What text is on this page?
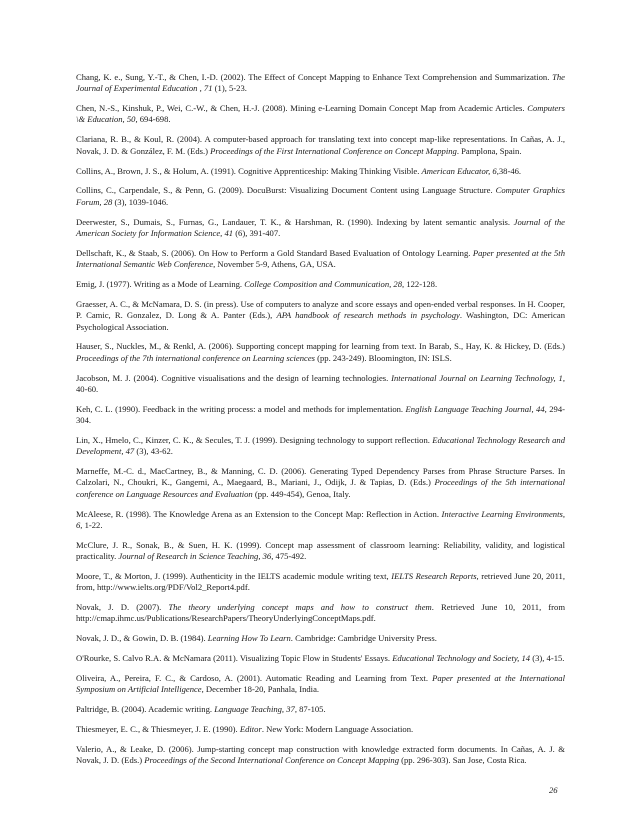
Chang, K. e., Sung, Y.-T., & Chen, I.-D. (2002). The Effect of Concept Mapping to Enhance Text Comprehension and Summarization. The Journal of Experimental Education , 71 (1), 5-23.

Chen, N.-S., Kinshuk, P., Wei, C.-W., & Chen, H.-J. (2008). Mining e-Learning Domain Concept Map from Academic Articles. Computers \& Education, 50, 694-698.

Clariana, R. B., & Koul, R. (2004). A computer-based approach for translating text into concept map-like representations. In Cañas, A. J., Novak, J. D. & González, F. M. (Eds.) Proceedings of the First International Conference on Concept Mapping. Pamplona, Spain.

Collins, A., Brown, J. S., & Holum, A. (1991). Cognitive Apprenticeship: Making Thinking Visible. American Educator, 6,38-46.

Collins, C., Carpendale, S., & Penn, G. (2009). DocuBurst: Visualizing Document Content using Language Structure. Computer Graphics Forum, 28 (3), 1039-1046.

Deerwester, S., Dumais, S., Furnas, G., Landauer, T. K., & Harshman, R. (1990). Indexing by latent semantic analysis. Journal of the American Society for Information Science, 41 (6), 391-407.

Dellschaft, K., & Staab, S. (2006). On How to Perform a Gold Standard Based Evaluation of Ontology Learning. Paper presented at the 5th International Semantic Web Conference, November 5-9, Athens, GA, USA.

Emig, J. (1977). Writing as a Mode of Learning. College Composition and Communication, 28, 122-128.

Graesser, A. C., & McNamara, D. S. (in press). Use of computers to analyze and score essays and open-ended verbal responses. In H. Cooper, P. Camic, R. Gonzalez, D. Long & A. Panter (Eds.), APA handbook of research methods in psychology. Washington, DC: American Psychological Association.

Hauser, S., Nuckles, M., & Renkl, A. (2006). Supporting concept mapping for learning from text. In Barab, S., Hay, K. & Hickey, D. (Eds.) Proceedings of the 7th international conference on Learning sciences (pp. 243-249). Bloomington, IN: ISLS.

Jacobson, M. J. (2004). Cognitive visualisations and the design of learning technologies. International Journal on Learning Technology, 1, 40-60.

Keh, C. L. (1990). Feedback in the writing process: a model and methods for implementation. English Language Teaching Journal, 44, 294-304.

Lin, X., Hmelo, C., Kinzer, C. K., & Secules, T. J. (1999). Designing technology to support reflection. Educational Technology Research and Development, 47 (3), 43-62.

Marneffe, M.-C. d., MacCartney, B., & Manning, C. D. (2006). Generating Typed Dependency Parses from Phrase Structure Parses. In Calzolari, N., Choukri, K., Gangemi, A., Maegaard, B., Mariani, J., Odijk, J. & Tapias, D. (Eds.) Proceedings of the 5th international conference on Language Resources and Evaluation (pp. 449-454), Genoa, Italy.

McAleese, R. (1998). The Knowledge Arena as an Extension to the Concept Map: Reflection in Action. Interactive Learning Environments, 6, 1-22.

McClure, J. R., Sonak, B., & Suen, H. K. (1999). Concept map assessment of classroom learning: Reliability, validity, and logistical practicality. Journal of Research in Science Teaching, 36, 475-492.

Moore, T., & Morton, J. (1999). Authenticity in the IELTS academic module writing text, IELTS Research Reports, retrieved June 20, 2011, from, http://www.ielts.org/PDF/Vol2_Report4.pdf.

Novak, J. D. (2007). The theory underlying concept maps and how to construct them. Retrieved June 10, 2011, from http://cmap.ihmc.us/Publications/ResearchPapers/TheoryUnderlyingConceptMaps.pdf.

Novak, J. D., & Gowin, D. B. (1984). Learning How To Learn. Cambridge: Cambridge University Press.

O'Rourke, S. Calvo R.A. & McNamara (2011). Visualizing Topic Flow in Students' Essays. Educational Technology and Society, 14 (3), 4-15.

Oliveira, A., Pereira, F. C., & Cardoso, A. (2001). Automatic Reading and Learning from Text. Paper presented at the International Symposium on Artificial Intelligence, December 18-20, Panhala, India.

Paltridge, B. (2004). Academic writing. Language Teaching, 37, 87-105.

Thiesmeyer, E. C., & Thiesmeyer, J. E. (1990). Editor. New York: Modern Language Association.

Valerio, A., & Leake, D. (2006). Jump-starting concept map construction with knowledge extracted form documents. In Cañas, A. J. & Novak, J. D. (Eds.) Proceedings of the Second International Conference on Concept Mapping (pp. 296-303). San Jose, Costa Rica.

26
